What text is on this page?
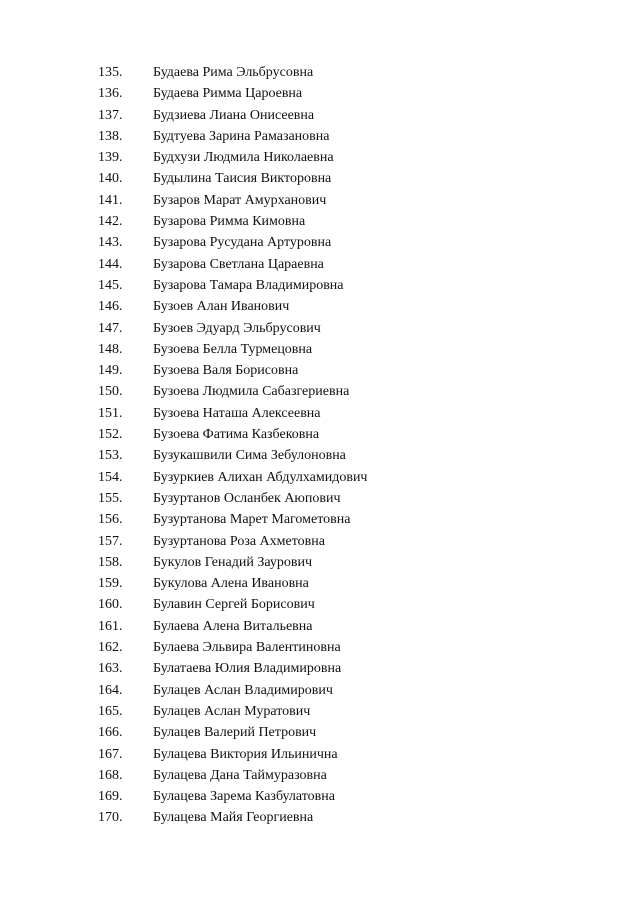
135. Будаева Рима Эльбрусовна
136. Будаева Римма Цароевна
137. Будзиева Лиана Онисеевна
138. Будтуева Зарина Рамазановна
139. Будхузи Людмила Николаевна
140. Будылина Таисия Викторовна
141. Бузаров Марат Амурханович
142. Бузарова Римма Кимовна
143. Бузарова Русудана Артуровна
144. Бузарова Светлана Цараевна
145. Бузарова Тамара Владимировна
146. Бузоев Алан Иванович
147. Бузоев Эдуард Эльбрусович
148. Бузоева Белла Турмецовна
149. Бузоева Валя Борисовна
150. Бузоева Людмила Сабазгериевна
151. Бузоева Наташа Алексеевна
152. Бузоева Фатима Казбековна
153. Бузукашвили Сима Зебулоновна
154. Бузуркиев Алихан Абдулхамидович
155. Бузуртанов Осланбек Аюпович
156. Бузуртанова Марет Магометовна
157. Бузуртанова Роза Ахметовна
158. Букулов Генадий Заурович
159. Букулова Алена Ивановна
160. Булавин Сергей Борисович
161. Булаева Алена Витальевна
162. Булаева Эльвира Валентиновна
163. Булатаева Юлия Владимировна
164. Булацев Аслан Владимирович
165. Булацев Аслан Муратович
166. Булацев Валерий Петрович
167. Булацева Виктория Ильинична
168. Булацева Дана Таймуразовна
169. Булацева Зарема Казбулатовна
170. Булацева Майя Георгиевна
